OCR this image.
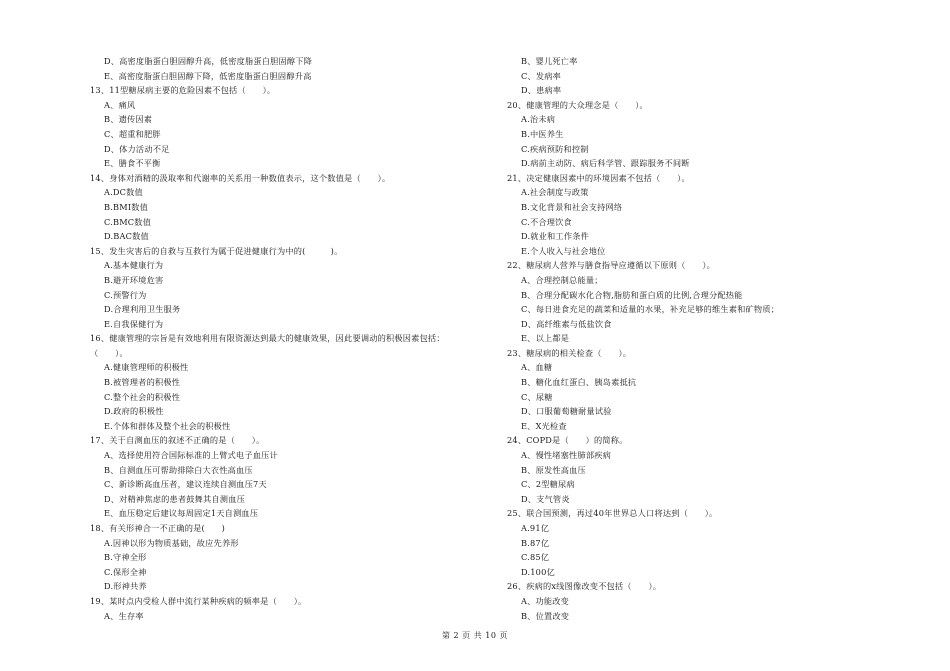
D、高密度脂蛋白胆固醇升高，低密度脂蛋白胆固醇下降
E、高密度脂蛋白胆固醇下降，低密度脂蛋白胆固醇升高
13、11型糖尿病主要的危险因素不包括（　　）。
A、痛风
B、遗传因素
C、超重和肥胖
D、体力活动不足
E、膳食不平衡
14、身体对酒精的汲取率和代谢率的关系用一种数值表示，这个数值是（　　）。
A.DC数值
B.BMI数值
C.BMC数值
D.BAC数值
15、发生灾害后的自救与互救行为属于促进健康行为中的(　　　)。
A.基本健康行为
B.避开环境危害
C.预警行为
D.合理利用卫生服务
E.自我保健行为
16、健康管理的宗旨是有效地利用有限资源达到最大的健康效果，因此要调动的积极因素包括：
（　　）。
A.健康管理师的积极性
B.被管理者的积极性
C.整个社会的积极性
D.政府的积极性
E.个体和群体及整个社会的积极性
17、关于自测血压的叙述不正确的是（　　）。
A、选择使用符合国际标准的上臂式电子血压计
B、自测血压可帮助排除白大衣性高血压
C、新诊断高血压者，建议连续自测血压7天
D、对精神焦虑的患者鼓舞其自测血压
E、血压稳定后建议每周固定1天自测血压
18、有关形神合一不正确的是(　　)
A.因神以形为物质基础，故应先养形
B.守神全形
C.保形全神
D.形神共养
19、某时点内受检人群中流行某种疾病的频率是（　　）。
A、生存率
B、婴儿死亡率
C、发病率
D、患病率
20、健康管理的大众理念是（　　）。
A.治未病
B.中医养生
C.疾病预防和控制
D.病前主动防、病后科学管、跟踪服务不间断
21、决定健康因素中的环境因素不包括（　　）。
A.社会制度与政策
B.文化背景和社会支持网络
C.不合理饮食
D.就业和工作条件
E.个人收入与社会地位
22、糖尿病人营养与膳食指导应遵循以下原则（　　）。
A、合理控制总能量；
B、合理分配碳水化合物,脂肪和蛋白质的比例,合理分配热能
C、每日进食充足的蔬菜和适量的水果，补充足够的维生素和矿物质；
D、高纤维素与低盐饮食
E、以上都是
23、糖尿病的相关检查（　　）。
A、血糖
B、糖化血红蛋白、胰岛素抵抗
C、尿糖
D、口服葡萄糖耐量试验
E、X光检查
24、COPD是（　　）的简称。
A、慢性堵塞性肺部疾病
B、原发性高血压
C、2型糖尿病
D、支气管炎
25、联合国预测，再过40年世界总人口将达到（　　）。
A.91亿
B.87亿
C.85亿
D.100亿
26、疾病的x线图像改变不包括（　　）。
A、功能改变
B、位置改变
第 2 页 共 10 页
